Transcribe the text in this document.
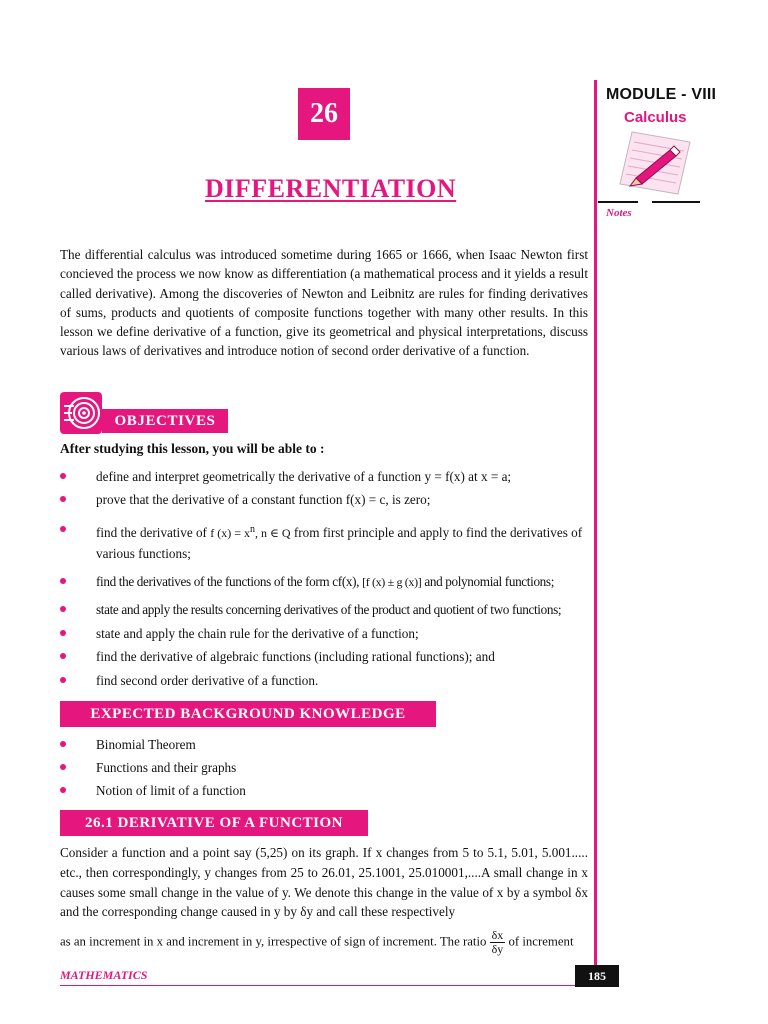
MODULE - VIII
Calculus
Notes
26
DIFFERENTIATION
The differential calculus was introduced sometime during 1665 or 1666, when Isaac Newton first concieved the process we now know as differentiation (a mathematical process and it yields a result called derivative). Among the discoveries of Newton and Leibnitz are rules for finding derivatives of sums, products and quotients of composite functions together with many other results. In this lesson we define derivative of a function, give its geometrical and physical interpretations, discuss various laws of derivatives and introduce notion of second order derivative of a function.
OBJECTIVES
After studying this lesson, you will be able to :
define and interpret geometrically the derivative of a function y = f(x) at x = a;
prove that the derivative of a constant function f(x) = c, is zero;
find the derivative of f $(x) = x^n$, n ∈ Q from first principle and apply to find the derivatives of various functions;
find the derivatives of the functions of the form cf(x), [f (x) ± g (x)] and polynomial functions;
state and apply the results concerning derivatives of the product and quotient of two functions;
state and apply the chain rule for the derivative of a function;
find the derivative of algebraic functions (including rational functions); and
find second order derivative of a function.
EXPECTED BACKGROUND KNOWLEDGE
Binomial Theorem
Functions and their graphs
Notion of limit of a function
26.1 DERIVATIVE OF A FUNCTION
Consider a function and a point say (5,25) on its graph. If x changes from 5 to 5.1, 5.01, 5.001..... etc., then correspondingly, y changes from 25 to 26.01, 25.1001, 25.010001,....A small change in x causes some small change in the value of y. We denote this change in the value of x by a symbol δx and the corresponding change caused in y by δy and call these respectively
as an increment in x and increment in y, irrespective of sign of increment. The ratio $\frac{\delta x}{\delta y}$ of increment
MATHEMATICS	185
